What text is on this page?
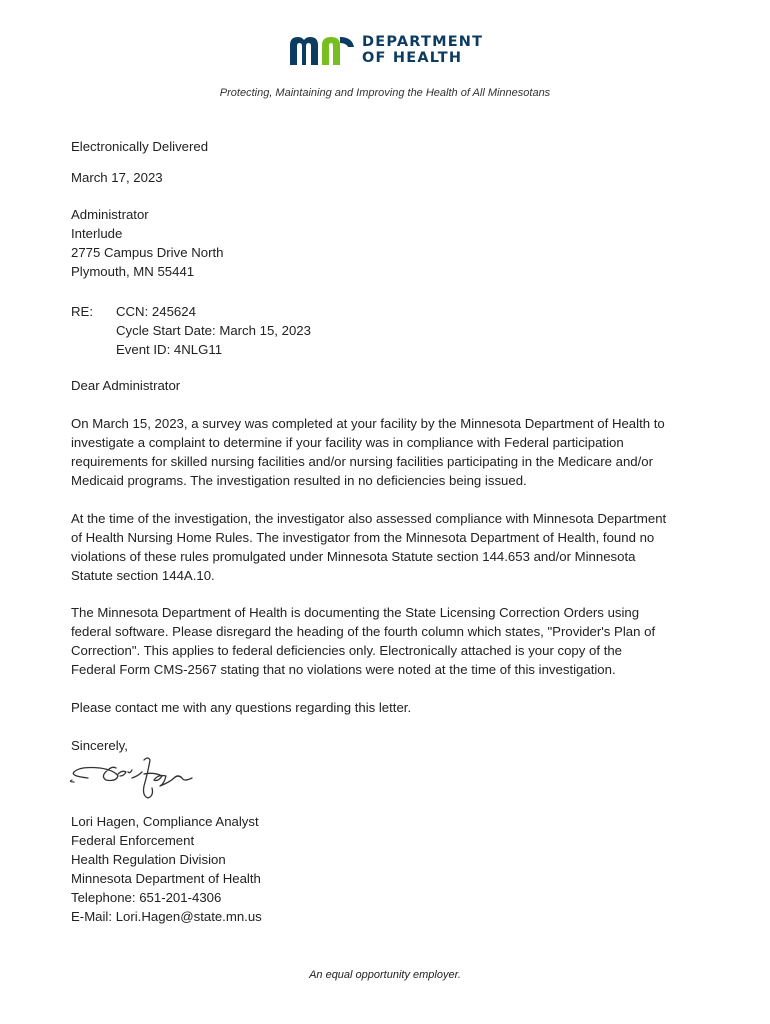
DEPARTMENT
OF HEALTH
Protecting, Maintaining and Improving the Health of All Minnesotans
Electronically Delivered
March 17, 2023
Administrator
Interlude
2775 Campus Drive North
Plymouth, MN 55441
RE: CCN: 245624
Cycle Start Date: March 15, 2023
Event ID: 4NLG11
Dear Administrator
On March 15, 2023, a survey was completed at your facility by the Minnesota Department of Health to
investigate a complaint to determine if your facility was in compliance with Federal participation
requirements for skilled nursing facilities and/or nursing facilities participating in the Medicare and/or
Medicaid programs. The investigation resulted in no deficiencies being issued.
At the time of the investigation, the investigator also assessed compliance with Minnesota Department
of Health Nursing Home Rules. The investigator from the Minnesota Department of Health, found no
violations of these rules promulgated under Minnesota Statute section 144.653 and/or Minnesota
Statute section 144A.10.
The Minnesota Department of Health is documenting the State Licensing Correction Orders using
federal software. Please disregard the heading of the fourth column which states, "Provider's Plan of
Correction". This applies to federal deficiencies only. Electronically attached is your copy of the
Federal Form CMS-2567 stating that no violations were noted at the time of this investigation.
Please contact me with any questions regarding this letter.
Sincerely,
Lori Hagen, Compliance Analyst
Federal Enforcement
Health Regulation Division
Minnesota Department of Health
Telephone: 651-201-4306
E-Mail: Lori.Hagen@state.mn.us
An equal opportunity employer.
